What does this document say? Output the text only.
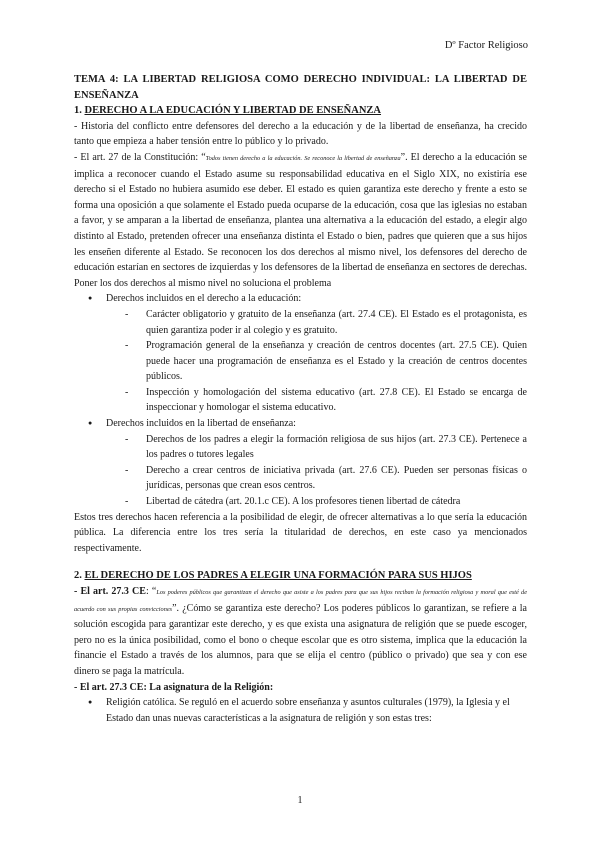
Dº Factor Religioso

TEMA 4: LA LIBERTAD RELIGIOSA COMO DERECHO INDIVIDUAL: LA LIBERTAD DE ENSEÑANZA

1. DERECHO A LA EDUCACIÓN Y LIBERTAD DE ENSEÑANZA

- Historia del conflicto entre defensores del derecho a la educación y de la libertad de enseñanza, ha crecido tanto que empieza a haber tensión entre lo público y lo privado.

- El art. 27 de la Constitución: “Todos tienen derecho a la educación. Se reconoce la libertad de enseñanza”. El derecho a la educación se implica a reconocer cuando el Estado asume su responsabilidad educativa en el Siglo XIX, no existiría ese derecho si el Estado no hubiera asumido ese deber. El estado es quien garantiza este derecho y frente a esto se forma una oposición a que solamente el Estado pueda ocuparse de la educación, cosa que las iglesias no estaban a favor, y se amparan a la libertad de enseñanza, plantea una alternativa a la educación del estado, a elegir algo distinto al Estado, pretenden ofrecer una enseñanza distinta el Estado o bien, padres que quieren que a sus hijos les enseñen diferente al Estado. Se reconocen los dos derechos al mismo nivel, los defensores del derecho de educación estarían en sectores de izquierdas y los defensores de la libertad de enseñanza en sectores de derechas. Poner los dos derechos al mismo nivel no soluciona el problema

● Derechos incluidos en el derecho a la educación:
- Carácter obligatorio y gratuito de la enseñanza (art. 27.4 CE). El Estado es el protagonista, es quien garantiza poder ir al colegio y es gratuito.
- Programación general de la enseñanza y creación de centros docentes (art. 27.5 CE). Quien puede hacer una programación de enseñanza es el Estado y la creación de centros docentes públicos.
- Inspección y homologación del sistema educativo (art. 27.8 CE). El Estado se encarga de inspeccionar y homologar el sistema educativo.
● Derechos incluidos en la libertad de enseñanza:
- Derechos de los padres a elegir la formación religiosa de sus hijos (art. 27.3 CE). Pertenece a los padres o tutores legales
- Derecho a crear centros de iniciativa privada (art. 27.6 CE). Pueden ser personas físicas o jurídicas, personas que crean esos centros.
- Libertad de cátedra (art. 20.1.c CE). A los profesores tienen libertad de cátedra

Estos tres derechos hacen referencia a la posibilidad de elegir, de ofrecer alternativas a lo que sería la educación pública. La diferencia entre los tres sería la titularidad de derechos, en este caso ya mencionados respectivamente.

2. EL DERECHO DE LOS PADRES A ELEGIR UNA FORMACIÓN PARA SUS HIJOS

- El art. 27.3 CE: “Los poderes públicos que garantizan el derecho que asiste a los padres para que sus hijos reciban la formación religiosa y moral que esté de acuerdo con sus propias convicciones”. ¿Cómo se garantiza este derecho? Los poderes públicos lo garantizan, se refiere a la solución escogida para garantizar este derecho, y es que exista una asignatura de religión que se puede escoger, pero no es la única posibilidad, como el bono o cheque escolar que es otro sistema, implica que la educación la financie el Estado a través de los alumnos, para que se elija el centro (público o privado) que sea y con ese dinero se paga la matrícula.

- El art. 27.3 CE: La asignatura de la Religión:

● Religión católica. Se reguló en el acuerdo sobre enseñanza y asuntos culturales (1979), la Iglesia y el Estado dan unas nuevas características a la asignatura de religión y son estas tres:
1
